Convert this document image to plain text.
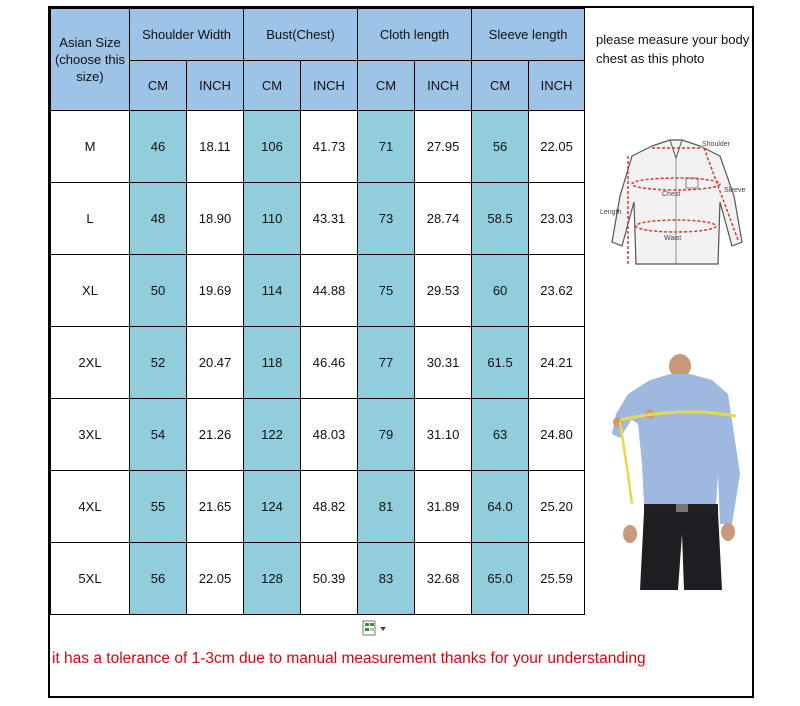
Asian Size
(choose this
size)	Shoulder Width		Bust(Chest)		Cloth length		Sleeve length	
	CM	INCH	CM	INCH	CM	INCH	CM	INCH
M	46	18.11	106	41.73	71	27.95	56	22.05
L	48	18.90	110	43.31	73	28.74	58.5	23.03
XL	50	19.69	114	44.88	75	29.53	60	23.62
2XL	52	20.47	118	46.46	77	30.31	61.5	24.21
3XL	54	21.26	122	48.03	79	31.10	63	24.80
4XL	55	21.65	124	48.82	81	31.89	64.0	25.20
5XL	56	22.05	128	50.39	83	32.68	65.0	25.59
please measure your body chest as this photo
Shoulder
Sleeve
Chest
Length
Waist
it has a tolerance of 1-3cm due to manual measurement thanks for your understanding
